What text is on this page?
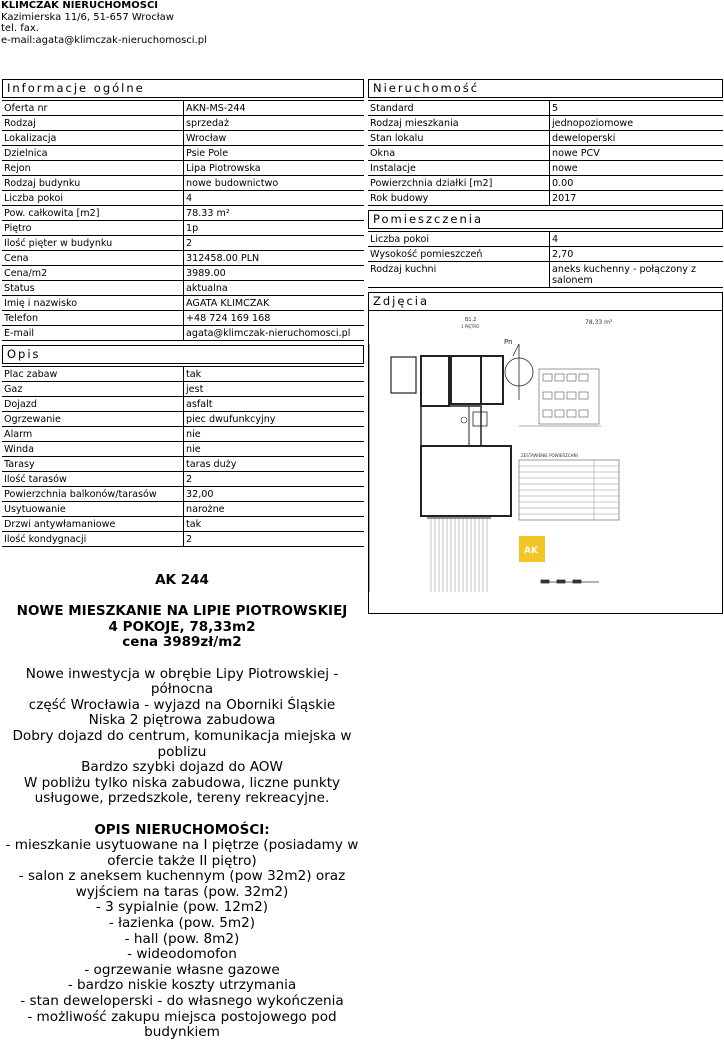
KLIMCZAK NIERUCHOMOŚCI
Kazimierska 11/6, 51-657 Wrocław
tel. fax.
e-mail:agata@klimczak-nieruchomosci.pl
Informacje ogólne
Oferta nr	AKN-MS-244
Rodzaj	sprzedaż
Lokalizacja	Wrocław
Dzielnica	Psie Pole
Rejon	Lipa Piotrowska
Rodzaj budynku	nowe budownictwo
Liczba pokoi	4
Pow. całkowita [m2]	78.33 m²
Piętro	1p
Ilość pięter w budynku	2
Cena	312458.00 PLN
Cena/m2	3989.00
Status	aktualna
Imię i nazwisko	AGATA KLIMCZAK
Telefon	+48 724 169 168
E-mail	agata@klimczak-nieruchomosci.pl
Opis
Plac zabaw	tak
Gaz	jest
Dojazd	asfalt
Ogrzewanie	piec dwufunkcyjny
Alarm	nie
Winda	nie
Tarasy	taras duży
Ilość tarasów	2
Powierzchnia balkonów/tarasów	32,00
Usytuowanie	narożne
Drzwi antywłamaniowe	tak
Ilość kondygnacji	2
Nieruchomość
Standard	5
Rodzaj mieszkania	jednopoziomowe
Stan lokalu	deweloperski
Okna	nowe PCV
Instalacje	nowe
Powierzchnia działki [m2]	0.00
Rok budowy	2017
Pomieszczenia
Liczba pokoi	4
Wysokość pomieszczeń	2,70
Rodzaj kuchni	aneks kuchenny - połączony z salonem
Zdjęcia
B1.2
1 PIĘTRO
78,33 m²
Pn
ZESTAWIENIE POWIERZCHNI
AK

AK 244

NOWE MIESZKANIE NA LIPIE PIOTROWSKIEJ

4 POKOJE, 78,33m2

cena 3989zł/m2

Nowe inwestycja w obrębie Lipy Piotrowskiej - północna

część Wrocławia - wyjazd na Oborniki Śląskie

Niska 2 piętrowa zabudowa

Dobry dojazd do centrum, komunikacja miejska w

poblizu

Bardzo szybki dojazd do AOW

W pobliżu tylko niska zabudowa, liczne punkty

usługowe, przedszkole, tereny rekreacyjne.

OPIS NIERUCHOMOŚCI:

- mieszkanie usytuowane na I piętrze (posiadamy w

ofercie także II piętro)

- salon z aneksem kuchennym (pow 32m2) oraz

wyjściem na taras (pow. 32m2)

- 3 sypialnie (pow. 12m2)

- łazienka (pow. 5m2)

- hall (pow. 8m2)

- wideodomofon

- ogrzewanie własne gazowe

- bardzo niskie koszty utrzymania

- stan deweloperski - do własnego wykończenia

- możliwość zakupu miejsca postojowego pod

budynkiem
